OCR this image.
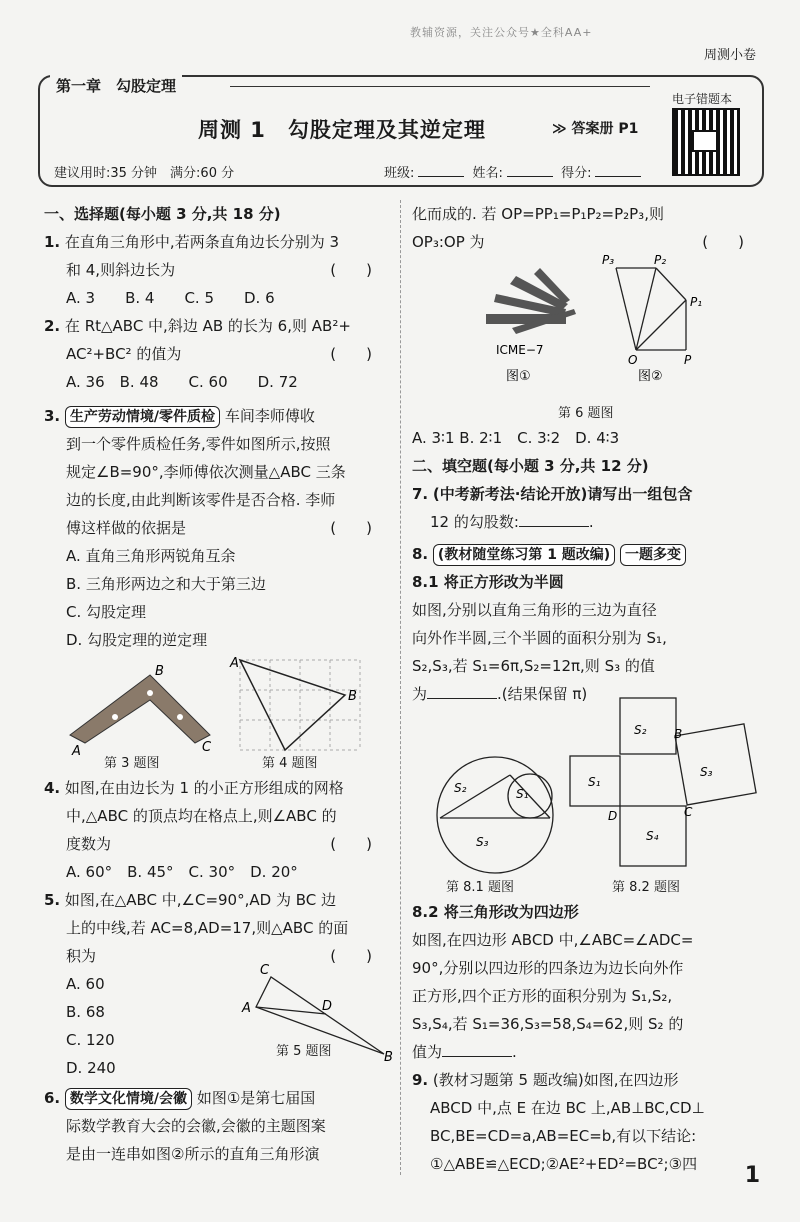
教辅资源，关注公众号★全科AA+
周测小卷
第一章　勾股定理
周测 1　勾股定理及其逆定理	≫ 答案册 P1
电子错题本
建议用时:35 分钟　满分:60 分	班级:	姓名:	得分:

一、选择题(每小题 3 分,共 18 分)

1. 在直角三角形中,若两条直角边长分别为 3

和 4,则斜边长为	(　　)

A. 3　　B. 4　　C. 5　　D. 6

2. 在 Rt△ABC 中,斜边 AB 的长为 6,则 AB²+

AC²+BC² 的值为	(　　)

A. 36　B. 48　　C. 60　　D. 72

3. 生产劳动情境/零件质检 车间李师傅收

到一个零件质检任务,零件如图所示,按照

规定∠B=90°,李师傅依次测量△ABC 三条

边的长度,由此判断该零件是否合格. 李师

傅这样做的依据是	(　　)

A. 直角三角形两锐角互余

B. 三角形两边之和大于第三边

C. 勾股定理

D. 勾股定理的逆定理

A
B
C
A
B
第 3 题图	第 4 题图

4. 如图,在由边长为 1 的小正方形组成的网格

中,△ABC 的顶点均在格点上,则∠ABC 的

度数为	(　　)

A. 60°　B. 45°　C. 30°　D. 20°

5. 如图,在△ABC 中,∠C=90°,AD 为 BC 边

上的中线,若 AC=8,AD=17,则△ABC 的面

积为	(　　)

A. 60

B. 68

C. 120

D. 240

A
C
D
B
第 5 题图

6. 数学文化情境/会徽 如图①是第七届国

际数学教育大会的会徽,会徽的主题图案

是由一连串如图②所示的直角三角形演

化而成的. 若 OP=PP₁=P₁P₂=P₂P₃,则

OP₃:OP 为	(　　)

ICME−7
图①
O	P
P₁
P₂
P₃
图②
第 6 题图

A. 3∶1 B. 2∶1　C. 3∶2　D. 4∶3

二、填空题(每小题 3 分,共 12 分)

7. (中考新考法·结论开放)请写出一组包含

12 的勾股数:	.

8. (教材随堂练习第 1 题改编) 一题多变

8.1 将正方形改为半圆

如图,分别以直角三角形的三边为直径

向外作半圆,三个半圆的面积分别为 S₁,

S₂,S₃,若 S₁=6π,S₂=12π,则 S₃ 的值

为	.(结果保留 π)

S₂	S₁
S₃
S₂
S₁
S₃
S₄
B
D	C
第 8.1 题图	第 8.2 题图

8.2 将三角形改为四边形

如图,在四边形 ABCD 中,∠ABC=∠ADC=

90°,分别以四边形的四条边为边长向外作

正方形,四个正方形的面积分别为 S₁,S₂,

S₃,S₄,若 S₁=36,S₃=58,S₄=62,则 S₂ 的

值为	.

9. (教材习题第 5 题改编)如图,在四边形

ABCD 中,点 E 在边 BC 上,AB⊥BC,CD⊥

BC,BE=CD=a,AB=EC=b,有以下结论:

①△ABE≌△ECD;②AE²+ED²=BC²;③四	1
